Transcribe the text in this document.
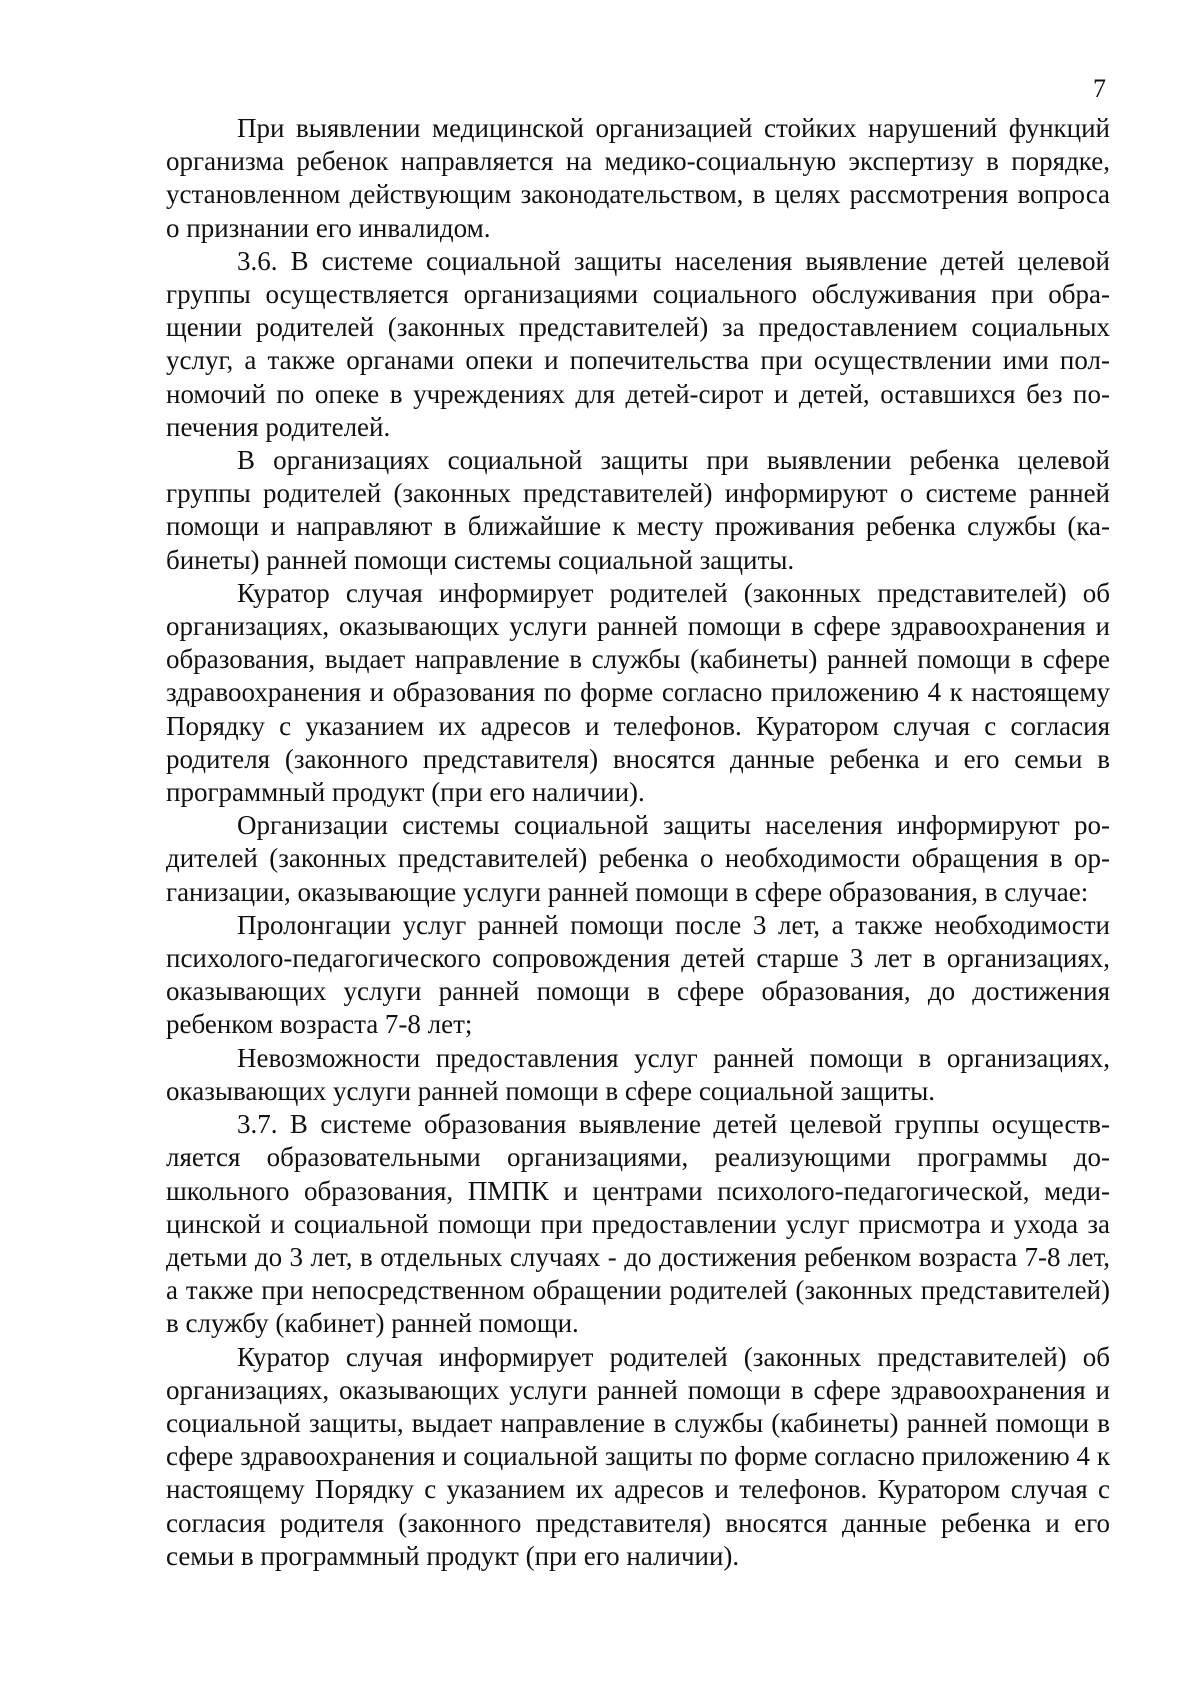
7

При выявлении медицинской организацией стойких нарушений функций организма ребенок направляется на медико-социальную экспертизу в порядке, установленном действующим законодательством, в целях рассмотрения вопроса о признании его инвалидом.

3.6. В системе социальной защиты населения выявление детей целевой группы осуществляется организациями социального обслуживания при обращении родителей (законных представителей) за предоставлением социальных услуг, а также органами опеки и попечительства при осуществлении ими полномочий по опеке в учреждениях для детей-сирот и детей, оставшихся без попечения родителей.

В организациях социальной защиты при выявлении ребенка целевой группы родителей (законных представителей) информируют о системе ранней помощи и направляют в ближайшие к месту проживания ребенка службы (кабинеты) ранней помощи системы социальной защиты.

Куратор случая информирует родителей (законных представителей) об организациях, оказывающих услуги ранней помощи в сфере здравоохранения и образования, выдает направление в службы (кабинеты) ранней помощи в сфере здравоохранения и образования по форме согласно приложению 4 к настоящему Порядку с указанием их адресов и телефонов. Куратором случая с согласия родителя (законного представителя) вносятся данные ребенка и его семьи в программный продукт (при его наличии).

Организации системы социальной защиты населения информируют родителей (законных представителей) ребенка о необходимости обращения в организации, оказывающие услуги ранней помощи в сфере образования, в случае:

Пролонгации услуг ранней помощи после 3 лет, а также необходимости психолого-педагогического сопровождения детей старше 3 лет в организациях, оказывающих услуги ранней помощи в сфере образования, до достижения ребенком возраста 7-8 лет;

Невозможности предоставления услуг ранней помощи в организациях, оказывающих услуги ранней помощи в сфере социальной защиты.

3.7. В системе образования выявление детей целевой группы осуществляется образовательными организациями, реализующими программы дошкольного образования, ПМПК и центрами психолого-педагогической, медицинской и социальной помощи при предоставлении услуг присмотра и ухода за детьми до 3 лет, в отдельных случаях - до достижения ребенком возраста 7-8 лет, а также при непосредственном обращении родителей (законных представителей) в службу (кабинет) ранней помощи.

Куратор случая информирует родителей (законных представителей) об организациях, оказывающих услуги ранней помощи в сфере здравоохранения и социальной защиты, выдает направление в службы (кабинеты) ранней помощи в сфере здравоохранения и социальной защиты по форме согласно приложению 4 к настоящему Порядку с указанием их адресов и телефонов. Куратором случая с согласия родителя (законного представителя) вносятся данные ребенка и его семьи в программный продукт (при его наличии).
